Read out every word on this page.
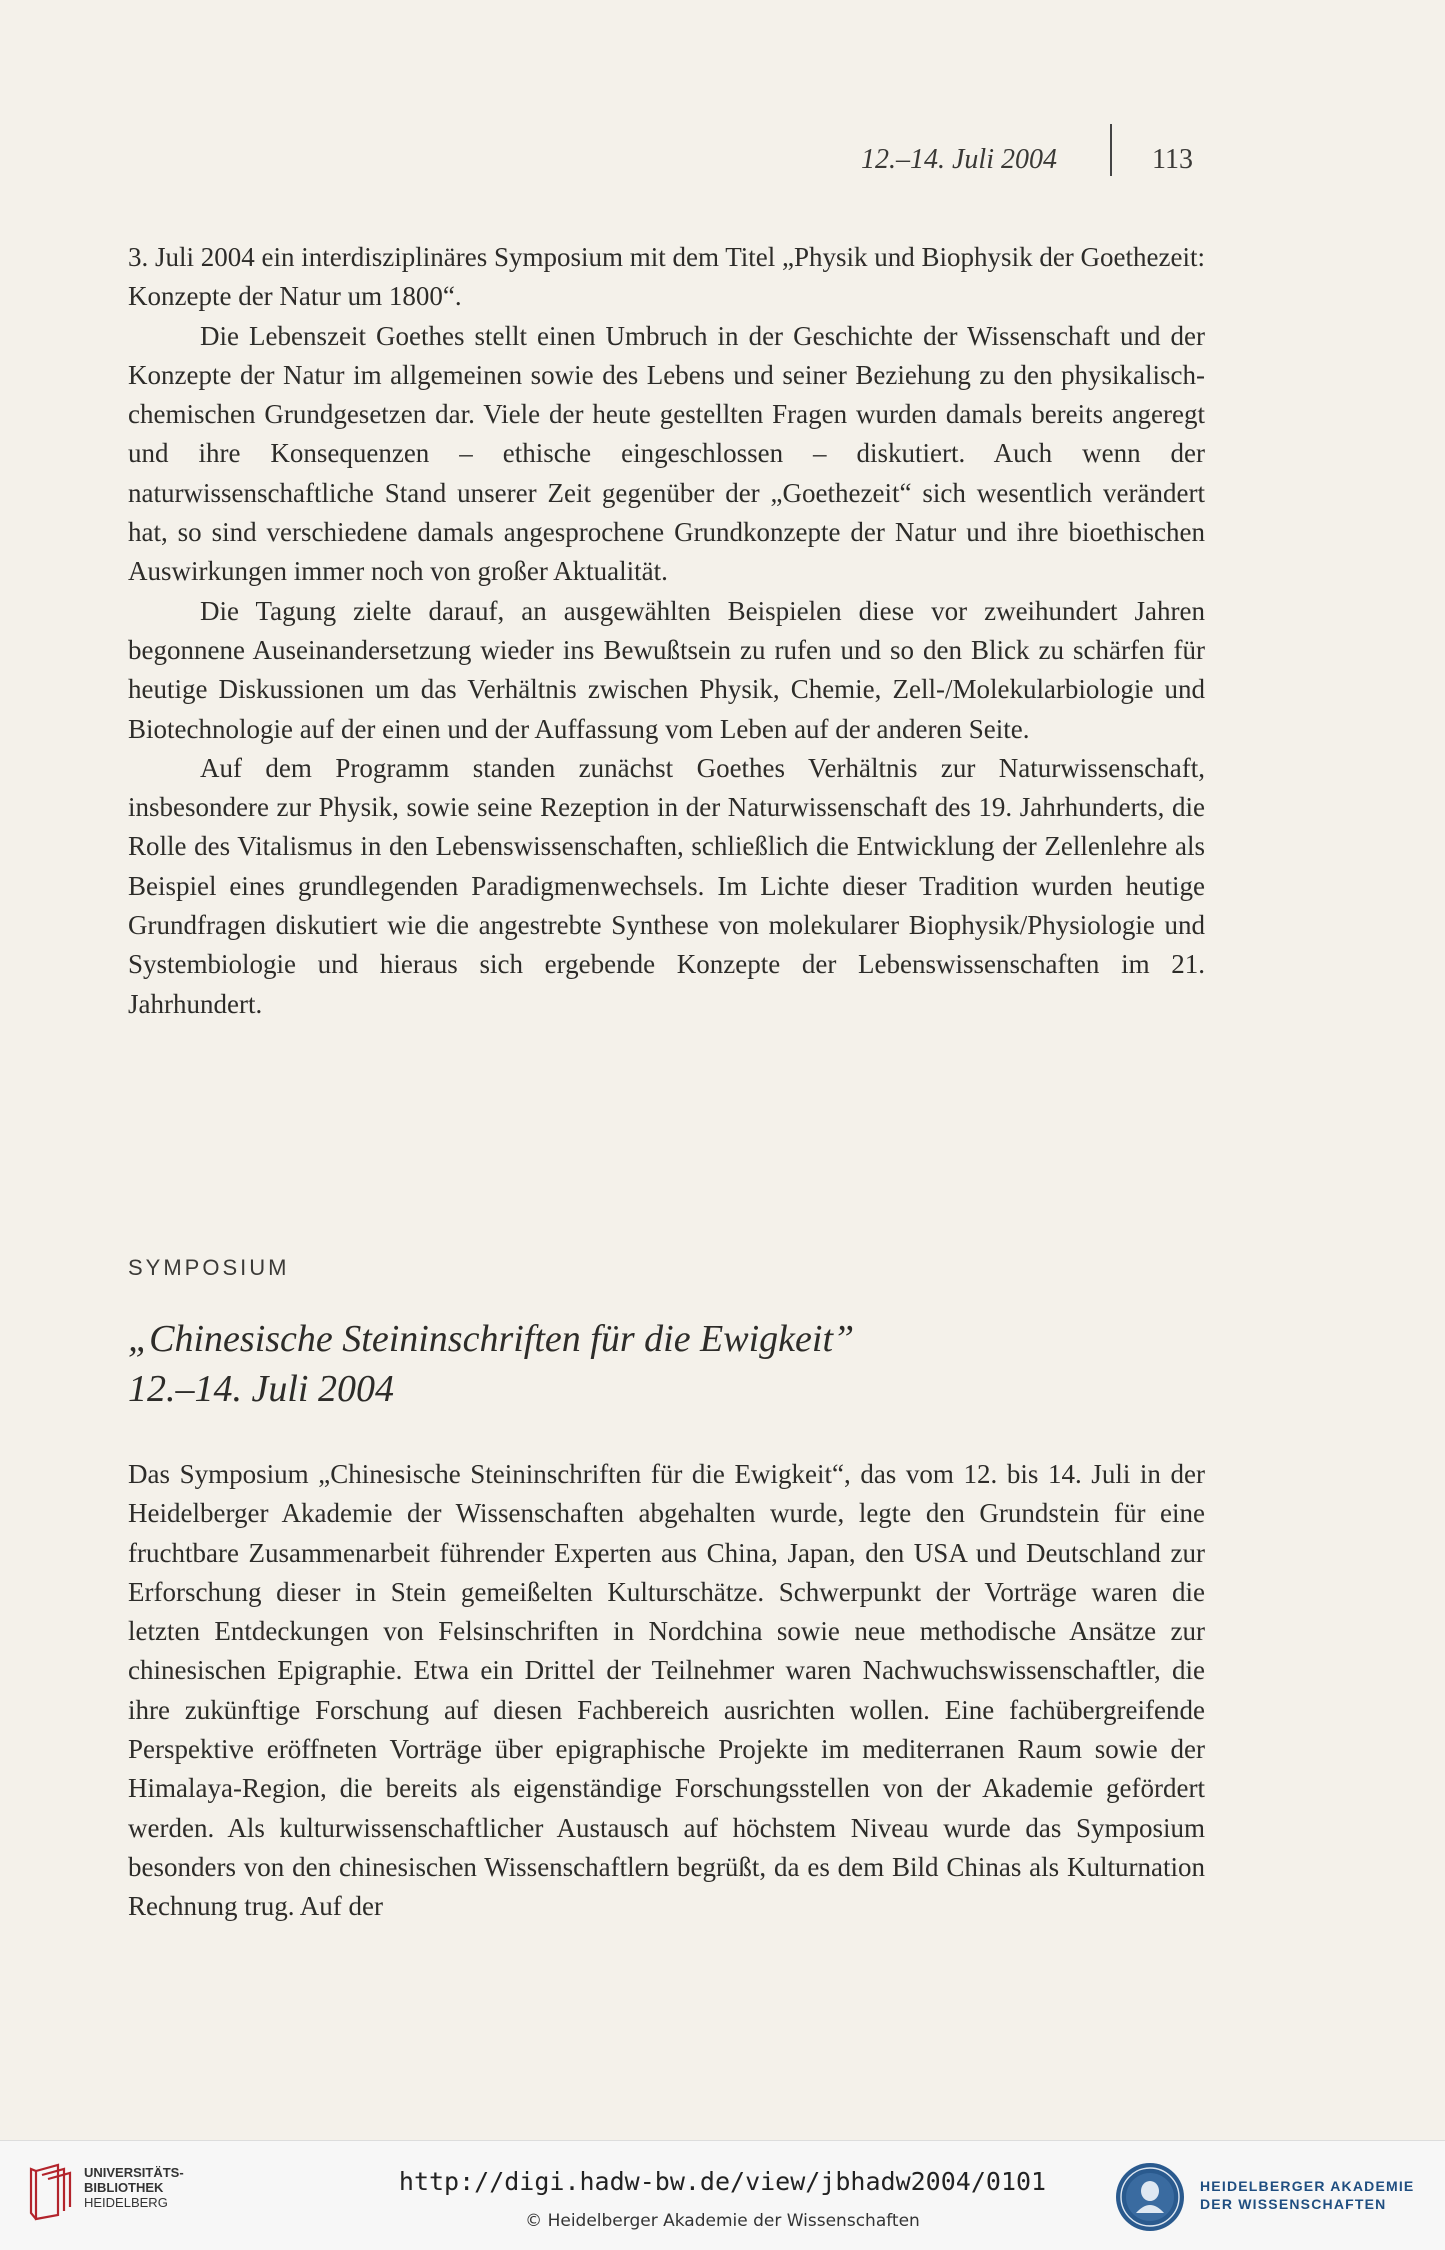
12.–14. Juli 2004	113

3. Juli 2004 ein interdisziplinäres Symposium mit dem Titel „Physik und Biophysik der Goethezeit: Konzepte der Natur um 1800“.

Die Lebenszeit Goethes stellt einen Umbruch in der Geschichte der Wissenschaft und der Konzepte der Natur im allgemeinen sowie des Lebens und seiner Beziehung zu den physikalisch-chemischen Grundgesetzen dar. Viele der heute gestellten Fragen wurden damals bereits angeregt und ihre Konsequenzen – ethische eingeschlossen – diskutiert. Auch wenn der naturwissenschaftliche Stand unserer Zeit gegenüber der „Goethezeit“ sich wesentlich verändert hat, so sind verschiedene damals angesprochene Grundkonzepte der Natur und ihre bioethischen Auswirkungen immer noch von großer Aktualität.

Die Tagung zielte darauf, an ausgewählten Beispielen diese vor zweihundert Jahren begonnene Auseinandersetzung wieder ins Bewußtsein zu rufen und so den Blick zu schärfen für heutige Diskussionen um das Verhältnis zwischen Physik, Chemie, Zell-/Molekularbiologie und Biotechnologie auf der einen und der Auffassung vom Leben auf der anderen Seite.

Auf dem Programm standen zunächst Goethes Verhältnis zur Naturwissenschaft, insbesondere zur Physik, sowie seine Rezeption in der Naturwissenschaft des 19. Jahrhunderts, die Rolle des Vitalismus in den Lebenswissenschaften, schließlich die Entwicklung der Zellenlehre als Beispiel eines grundlegenden Paradigmenwechsels. Im Lichte dieser Tradition wurden heutige Grundfragen diskutiert wie die angestrebte Synthese von molekularer Biophysik/Physiologie und Systembiologie und hieraus sich ergebende Konzepte der Lebenswissenschaften im 21. Jahrhundert.

SYMPOSIUM
„Chinesische Steininschriften für die Ewigkeit”
12.–14. Juli 2004

Das Symposium „Chinesische Steininschriften für die Ewigkeit“, das vom 12. bis 14. Juli in der Heidelberger Akademie der Wissenschaften abgehalten wurde, legte den Grundstein für eine fruchtbare Zusammenarbeit führender Experten aus China, Japan, den USA und Deutschland zur Erforschung dieser in Stein gemeißelten Kulturschätze. Schwerpunkt der Vorträge waren die letzten Entdeckungen von Felsinschriften in Nordchina sowie neue methodische Ansätze zur chinesischen Epigraphie. Etwa ein Drittel der Teilnehmer waren Nachwuchswissenschaftler, die ihre zukünftige Forschung auf diesen Fachbereich ausrichten wollen. Eine fachübergreifende Perspektive eröffneten Vorträge über epigraphische Projekte im mediterranen Raum sowie der Himalaya-Region, die bereits als eigenständige Forschungsstellen von der Akademie gefördert werden. Als kulturwissenschaftlicher Austausch auf höchstem Niveau wurde das Symposium besonders von den chinesischen Wissenschaftlern begrüßt, da es dem Bild Chinas als Kulturnation Rechnung trug. Auf der

UNIVERSITÄTS-
BIBLIOTHEK
HEIDELBERG
http://digi.hadw-bw.de/view/jbhadw2004/0101
© Heidelberger Akademie der Wissenschaften
HEIDELBERGER AKADEMIE
DER WISSENSCHAFTEN
